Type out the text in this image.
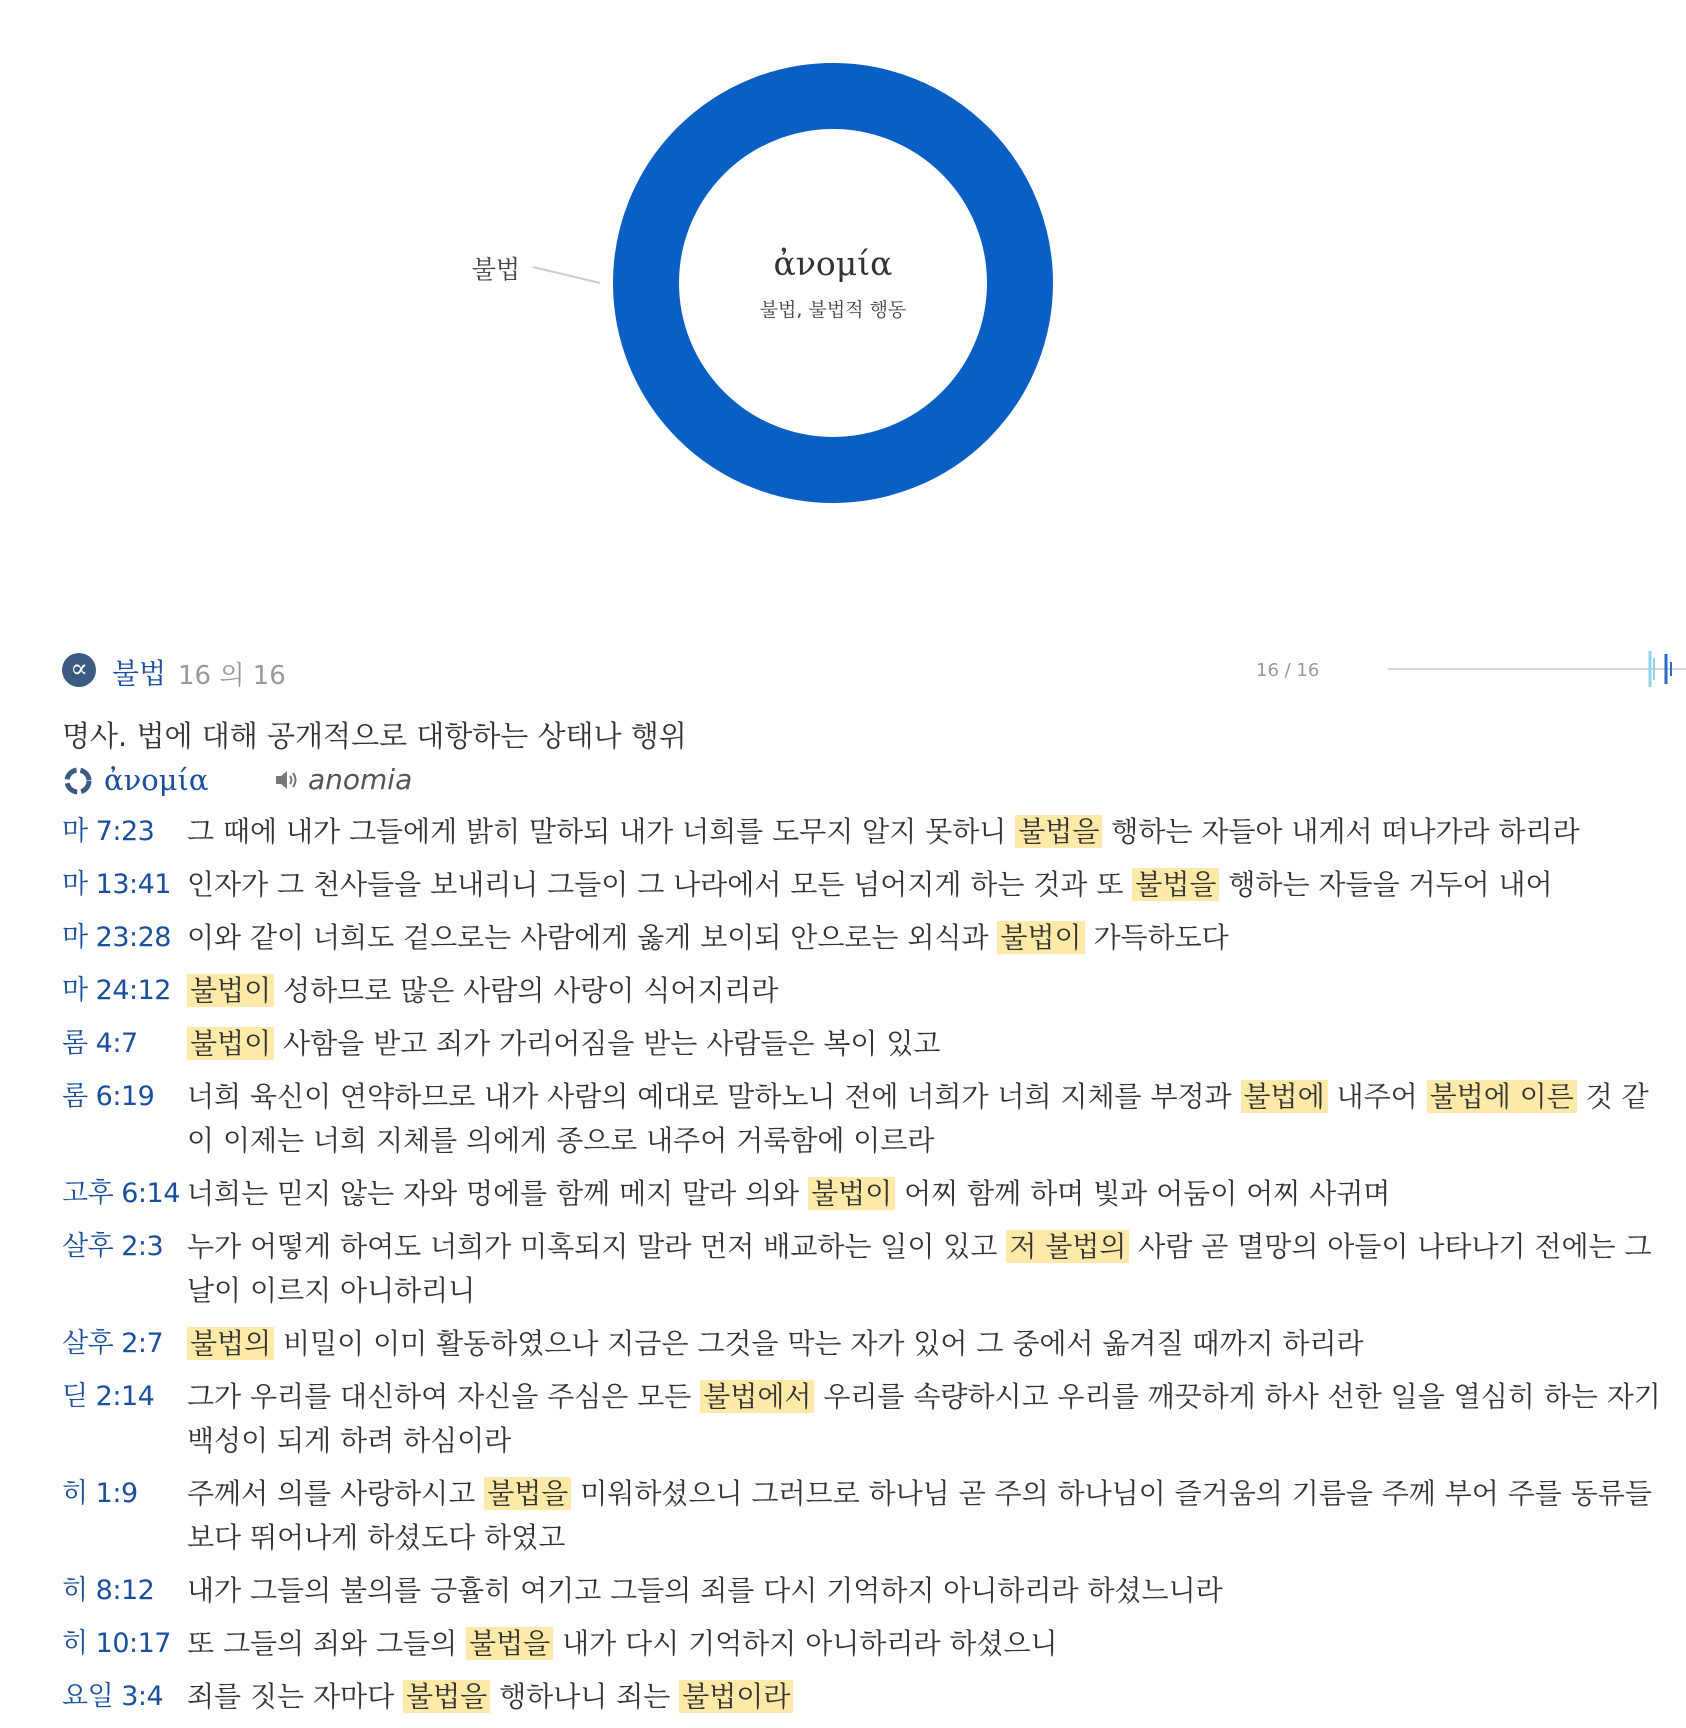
불법	ἀνομία
불법, 불법적 행동
∝ 불법 16 의 16	16 / 16
명사. 법에 대해 공개적으로 대항하는 상태나 행위
ἀνομία	anomia
마 7:23	그 때에 내가 그들에게 밝히 말하되 내가 너희를 도무지 알지 못하니 불법을 행하는 자들아 내게서 떠나가라 하리라
마 13:41 인자가 그 천사들을 보내리니 그들이 그 나라에서 모든 넘어지게 하는 것과 또 불법을 행하는 자들을 거두어 내어
마 23:28 이와 같이 너희도 겉으로는 사람에게 옳게 보이되 안으로는 외식과 불법이 가득하도다
마 24:12 불법이 성하므로 많은 사람의 사랑이 식어지리라
롬 4:7	불법이 사함을 받고 죄가 가리어짐을 받는 사람들은 복이 있고
롬 6:19	너희 육신이 연약하므로 내가 사람의 예대로 말하노니 전에 너희가 너희 지체를 부정과 불법에 내주어 불법에 이른 것 같이 이제는 너희 지체를 의에게 종으로 내주어 거룩함에 이르라
고후 6:14 너희는 믿지 않는 자와 멍에를 함께 메지 말라 의와 불법이 어찌 함께 하며 빛과 어둠이 어찌 사귀며
살후 2:3 누가 어떻게 하여도 너희가 미혹되지 말라 먼저 배교하는 일이 있고 저 불법의 사람 곧 멸망의 아들이 나타나기 전에는 그 날이 이르지 아니하리니
살후 2:7 불법의 비밀이 이미 활동하였으나 지금은 그것을 막는 자가 있어 그 중에서 옮겨질 때까지 하리라
딛 2:14	그가 우리를 대신하여 자신을 주심은 모든 불법에서 우리를 속량하시고 우리를 깨끗하게 하사 선한 일을 열심히 하는 자기 백성이 되게 하려 하심이라
히 1:9	주께서 의를 사랑하시고 불법을 미워하셨으니 그러므로 하나님 곧 주의 하나님이 즐거움의 기름을 주께 부어 주를 동류들보다 뛰어나게 하셨도다 하였고
히 8:12	내가 그들의 불의를 긍휼히 여기고 그들의 죄를 다시 기억하지 아니하리라 하셨느니라
히 10:17 또 그들의 죄와 그들의 불법을 내가 다시 기억하지 아니하리라 하셨으니
요일 3:4 죄를 짓는 자마다 불법을 행하나니 죄는 불법이라
